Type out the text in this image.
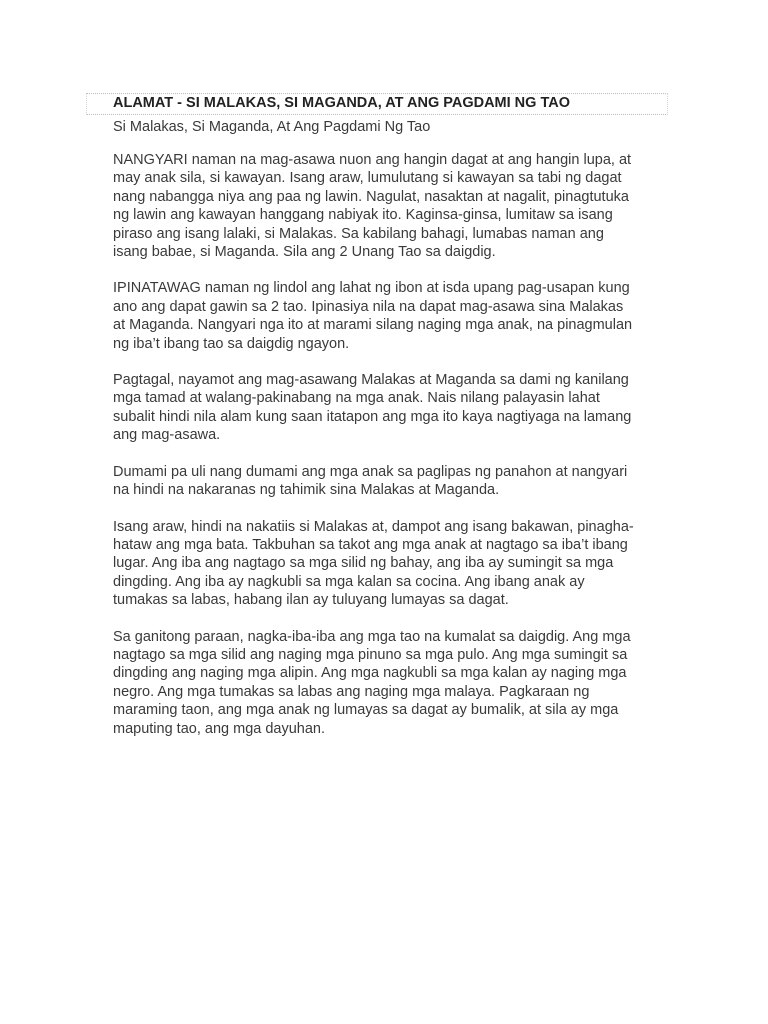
ALAMAT - SI MALAKAS, SI MAGANDA, AT ANG PAGDAMI NG TAO
Si Malakas, Si Maganda, At Ang Pagdami Ng Tao

NANGYARI naman na mag-asawa nuon ang hangin dagat at ang hangin lupa, at
may anak sila, si kawayan. Isang araw, lumulutang si kawayan sa tabi ng dagat
nang nabangga niya ang paa ng lawin. Nagulat, nasaktan at nagalit, pinagtutuka
ng lawin ang kawayan hanggang nabiyak ito. Kaginsa-ginsa, lumitaw sa isang
piraso ang isang lalaki, si Malakas. Sa kabilang bahagi, lumabas naman ang
isang babae, si Maganda. Sila ang 2 Unang Tao sa daigdig.

IPINATAWAG naman ng lindol ang lahat ng ibon at isda upang pag-usapan kung
ano ang dapat gawin sa 2 tao. Ipinasiya nila na dapat mag-asawa sina Malakas
at Maganda. Nangyari nga ito at marami silang naging mga anak, na pinagmulan
ng iba’t ibang tao sa daigdig ngayon.

Pagtagal, nayamot ang mag-asawang Malakas at Maganda sa dami ng kanilang
mga tamad at walang-pakinabang na mga anak. Nais nilang palayasin lahat
subalit hindi nila alam kung saan itatapon ang mga ito kaya nagtiyaga na lamang
ang mag-asawa.

Dumami pa uli nang dumami ang mga anak sa paglipas ng panahon at nangyari
na hindi na nakaranas ng tahimik sina Malakas at Maganda.

Isang araw, hindi na nakatiis si Malakas at, dampot ang isang bakawan, pinagha-
hataw ang mga bata. Takbuhan sa takot ang mga anak at nagtago sa iba’t ibang
lugar. Ang iba ang nagtago sa mga silid ng bahay, ang iba ay sumingit sa mga
dingding. Ang iba ay nagkubli sa mga kalan sa cocina. Ang ibang anak ay
tumakas sa labas, habang ilan ay tuluyang lumayas sa dagat.

Sa ganitong paraan, nagka-iba-iba ang mga tao na kumalat sa daigdig. Ang mga
nagtago sa mga silid ang naging mga pinuno sa mga pulo. Ang mga sumingit sa
dingding ang naging mga alipin. Ang mga nagkubli sa mga kalan ay naging mga
negro. Ang mga tumakas sa labas ang naging mga malaya. Pagkaraan ng
maraming taon, ang mga anak ng lumayas sa dagat ay bumalik, at sila ay mga
maputing tao, ang mga dayuhan.
